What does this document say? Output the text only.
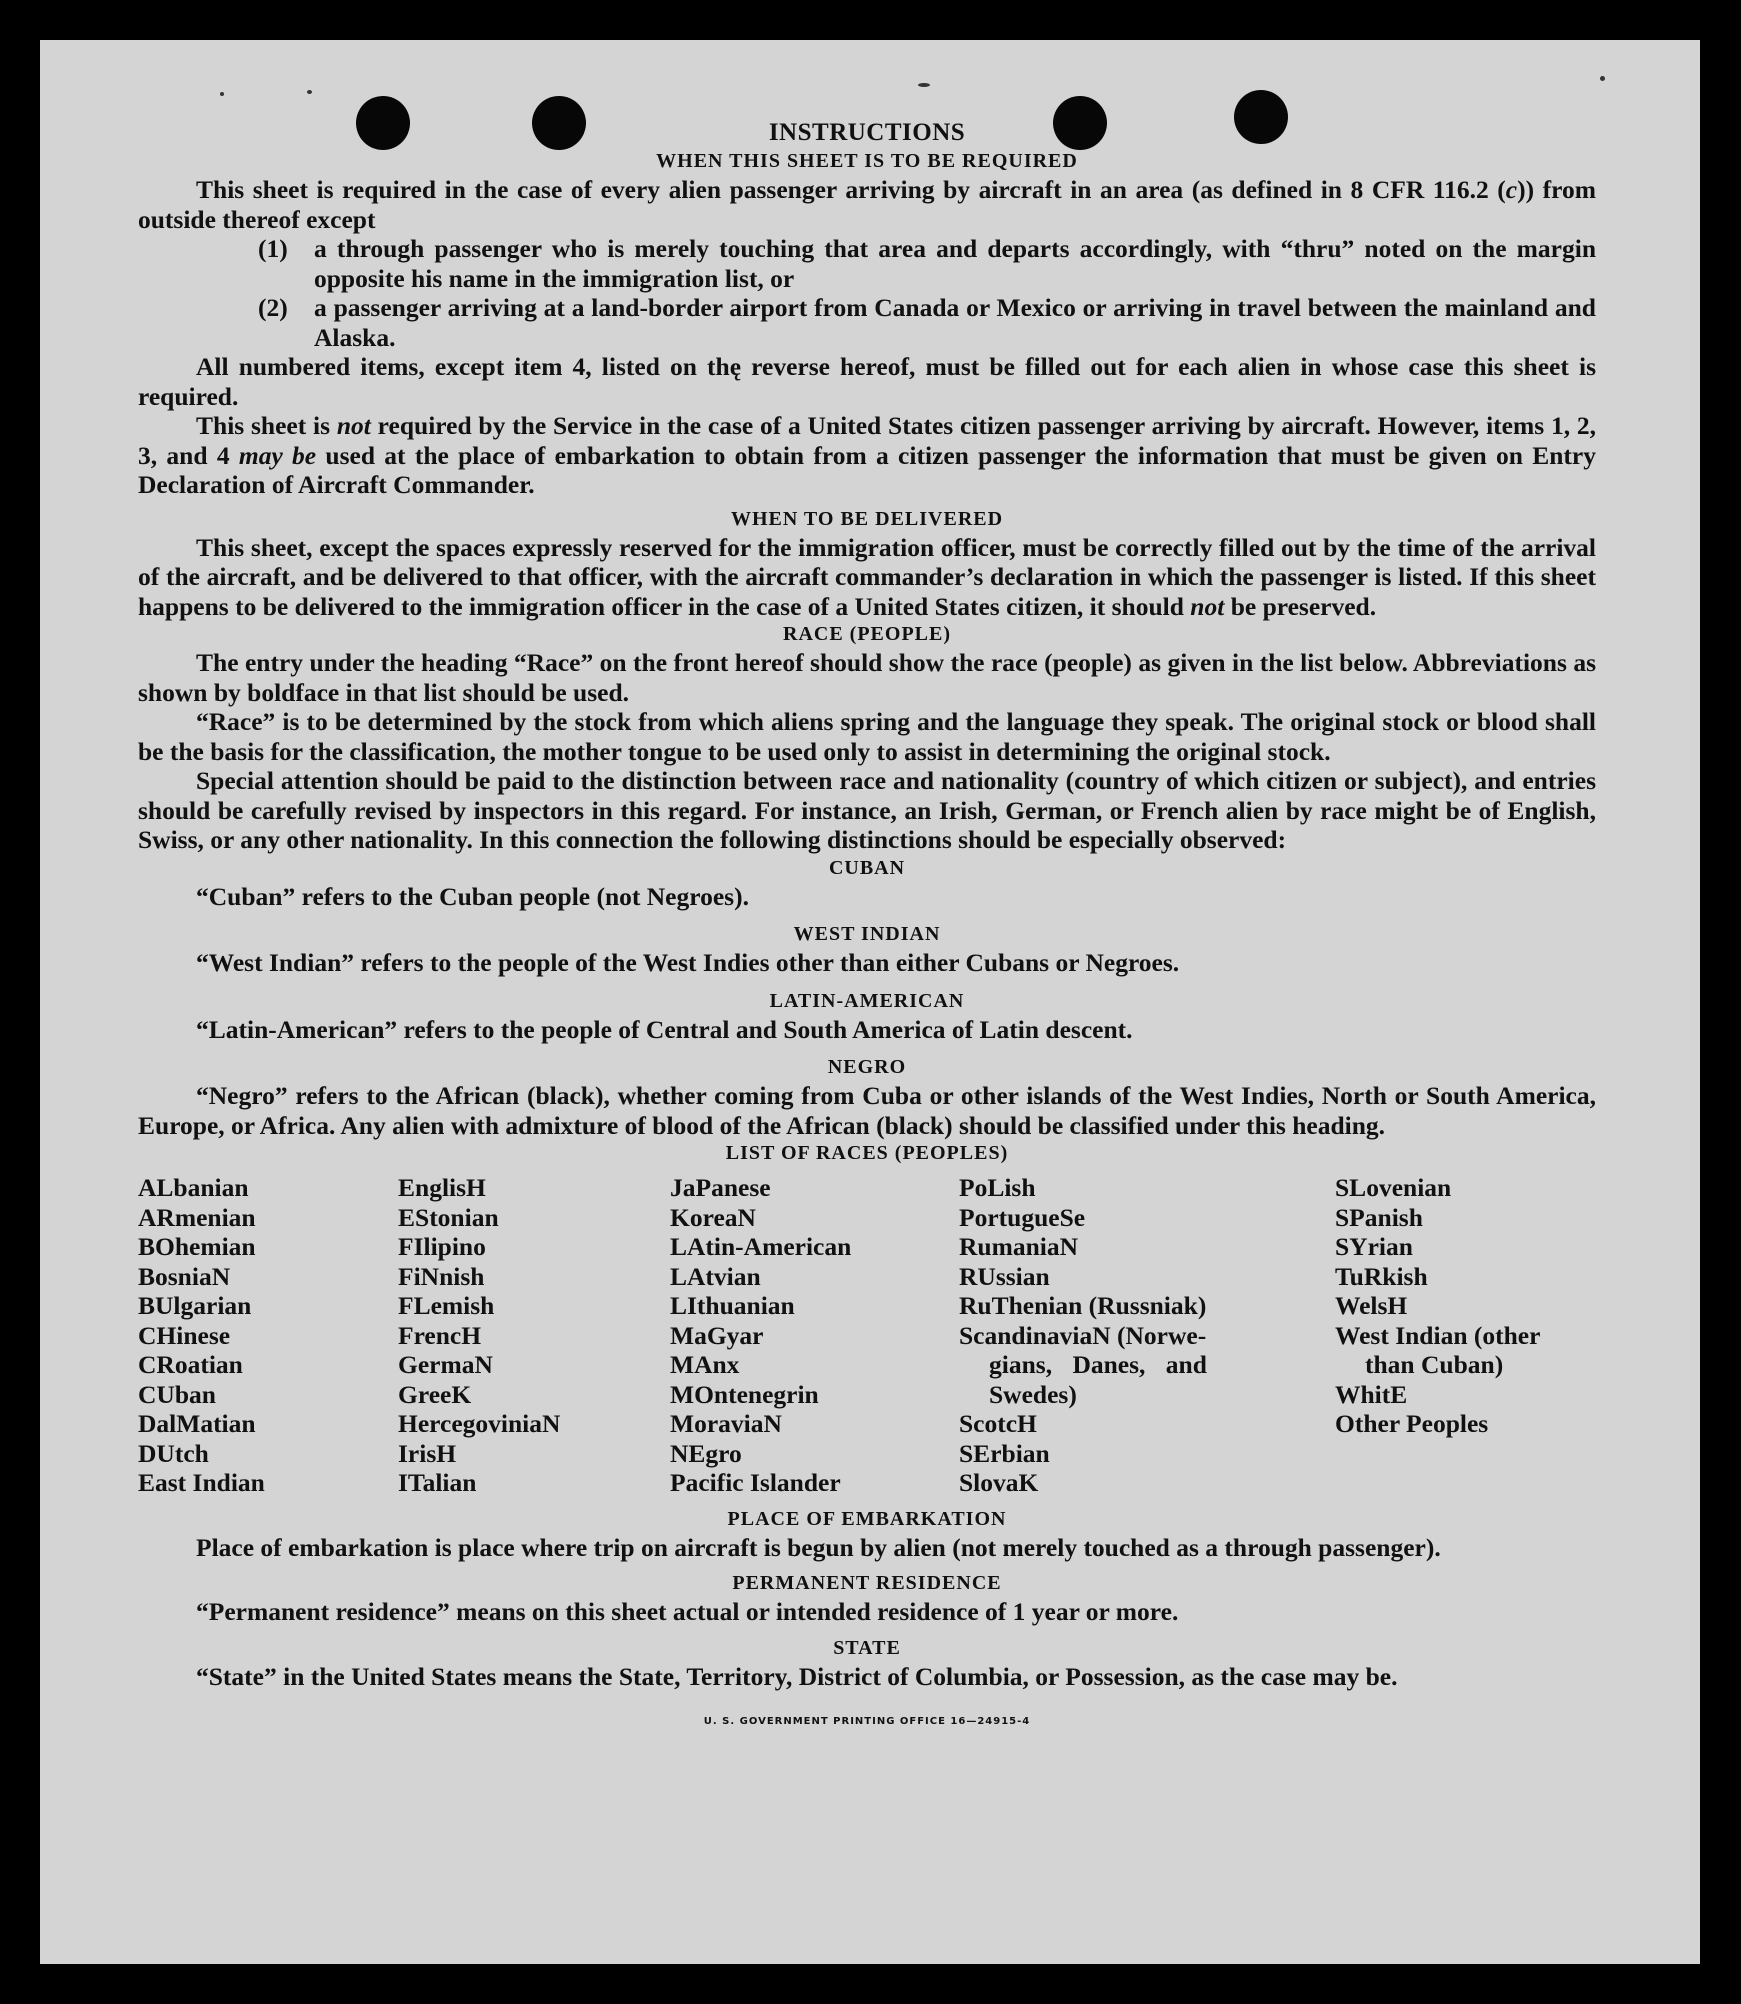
INSTRUCTIONS
WHEN THIS SHEET IS TO BE REQUIRED

This sheet is required in the case of every alien passenger arriving by aircraft in an area (as defined in 8 CFR 116.2 (c)) from outside thereof except

(1)	a through passenger who is merely touching that area and departs accordingly, with “thru” noted on the margin opposite his name in the immigration list, or
(2)	a passenger arriving at a land-border airport from Canada or Mexico or arriving in travel between the mainland and Alaska.

All numbered items, except item 4, listed on thę reverse hereof, must be filled out for each alien in whose case this sheet is required.

This sheet is not required by the Service in the case of a United States citizen passenger arriving by aircraft. However, items 1, 2, 3, and 4 may be used at the place of embarkation to obtain from a citizen passenger the information that must be given on Entry Declaration of Aircraft Commander.

WHEN TO BE DELIVERED

This sheet, except the spaces expressly reserved for the immigration officer, must be correctly filled out by the time of the arrival of the aircraft, and be delivered to that officer, with the aircraft commander’s declaration in which the passenger is listed. If this sheet happens to be delivered to the immigration officer in the case of a United States citizen, it should not be preserved.

RACE (PEOPLE)

The entry under the heading “Race” on the front hereof should show the race (people) as given in the list below. Abbreviations as shown by boldface in that list should be used.

“Race” is to be determined by the stock from which aliens spring and the language they speak. The original stock or blood shall be the basis for the classification, the mother tongue to be used only to assist in determining the original stock.

Special attention should be paid to the distinction between race and nationality (country of which citizen or subject), and entries should be carefully revised by inspectors in this regard. For instance, an Irish, German, or French alien by race might be of English, Swiss, or any other nationality. In this connection the following distinctions should be especially observed:

CUBAN

“Cuban” refers to the Cuban people (not Negroes).

WEST INDIAN

“West Indian” refers to the people of the West Indies other than either Cubans or Negroes.

LATIN-AMERICAN

“Latin-American” refers to the people of Central and South America of Latin descent.

NEGRO

“Negro” refers to the African (black), whether coming from Cuba or other islands of the West Indies, North or South America, Europe, or Africa. Any alien with admixture of blood of the African (black) should be classified under this heading.

LIST OF RACES (PEOPLES)
ALbanian
ARmenian
BOhemian
BosniaN
BUlgarian
CHinese
CRoatian
CUban
DalMatian
DUtch
East Indian
EnglisH
EStonian
FIlipino
FiNnish
FLemish
FrencH
GermaN
GreeK
HercegoviniaN
IrisH
ITalian
JaPanese
KoreaN
LAtin-American
LAtvian
LIthuanian
MaGyar
MAnx
MOntenegrin
MoraviaN
NEgro
Pacific Islander
PoLish
PortugueSe
RumaniaN
RUssian
RuThenian (Russniak)
ScandinaviaN (Norwe-
gians, Danes, and
Swedes)
ScotcH
SErbian
SlovaK
SLovenian
SPanish
SYrian
TuRkish
WelsH
West Indian (other
than Cuban)
WhitE
Other Peoples
PLACE OF EMBARKATION

Place of embarkation is place where trip on aircraft is begun by alien (not merely touched as a through passenger).

PERMANENT RESIDENCE

“Permanent residence” means on this sheet actual or intended residence of 1 year or more.

STATE

“State” in the United States means the State, Territory, District of Columbia, or Possession, as the case may be.

U. S. GOVERNMENT PRINTING OFFICE 16—24915-4
